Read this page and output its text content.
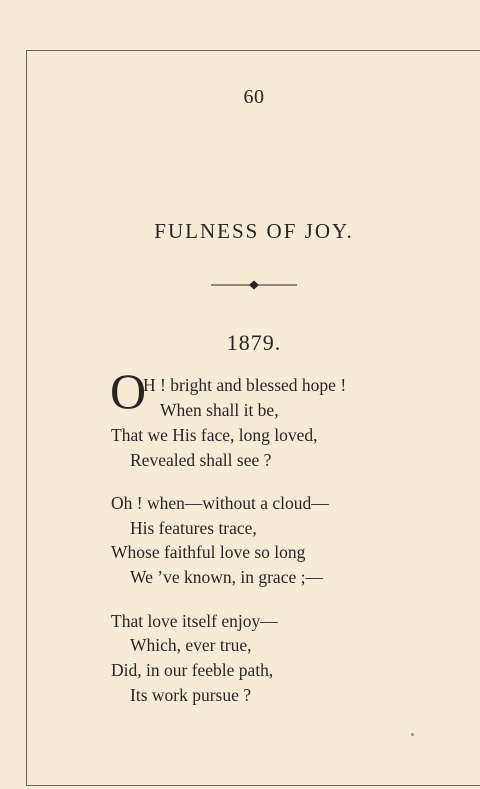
60
FULNESS OF JOY.
1879.
O
H ! bright and blessed hope !
When shall it be,
That we His face, long loved,
Revealed shall see ?
Oh ! when—without a cloud—
His features trace,
Whose faithful love so long
We ’ve known, in grace ;—
That love itself enjoy—
Which, ever true,
Did, in our feeble path,
Its work pursue ?
